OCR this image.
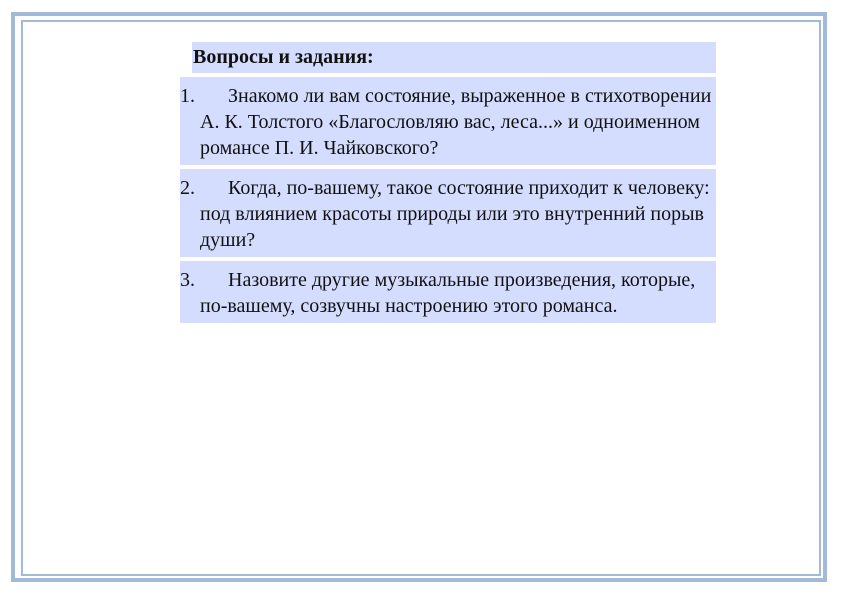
Вопросы и задания:
1.	Знакомо ли вам состояние, выраженное в стихотворении А. К. Толстого «Благословляю вас, леса...» и одноименном романсе П. И. Чайковского?
2.	Когда, по-вашему, такое состояние приходит к человеку: под влиянием красоты природы или это внутренний порыв души?
3.	Назовите другие музыкальные произведения, которые, по-вашему, созвучны настроению этого романса.
